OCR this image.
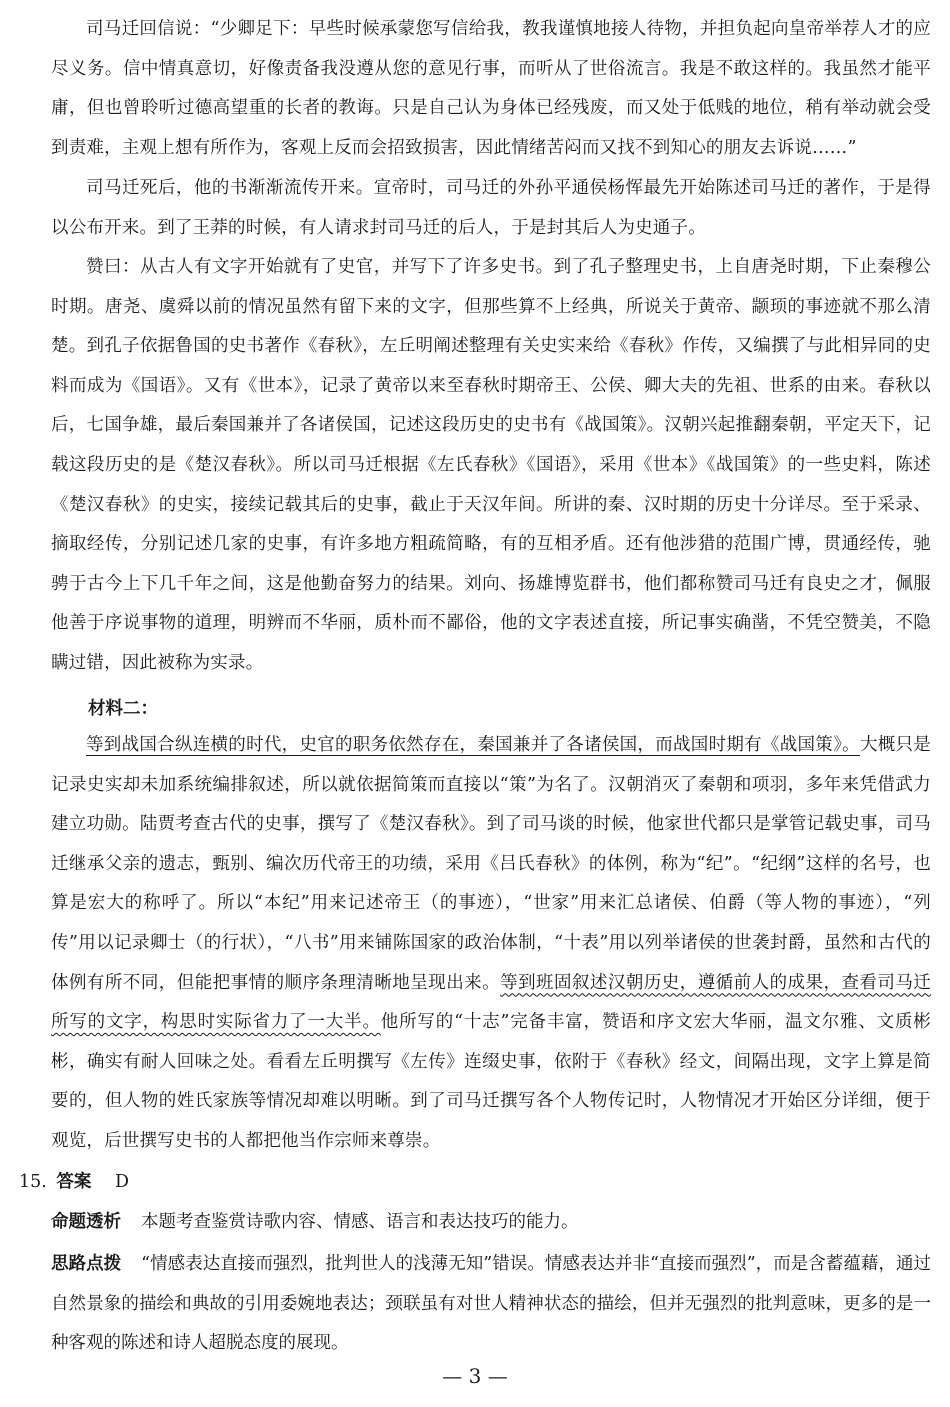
司马迁回信说：“少卿足下：早些时候承蒙您写信给我，教我谨慎地接人待物，并担负起向皇帝举荐人才的应尽义务。信中情真意切，好像责备我没遵从您的意见行事，而听从了世俗流言。我是不敢这样的。我虽然才能平庸，但也曾聆听过德高望重的长者的教诲。只是自己认为身体已经残废，而又处于低贱的地位，稍有举动就会受到责难，主观上想有所作为，客观上反而会招致损害，因此情绪苦闷而又找不到知心的朋友去诉说……”

司马迁死后，他的书渐渐流传开来。宣帝时，司马迁的外孙平通侯杨恽最先开始陈述司马迁的著作，于是得以公布开来。到了王莽的时候，有人请求封司马迁的后人，于是封其后人为史通子。

赞曰：从古人有文字开始就有了史官，并写下了许多史书。到了孔子整理史书，上自唐尧时期，下止秦穆公时期。唐尧、虞舜以前的情况虽然有留下来的文字，但那些算不上经典，所说关于黄帝、颛顼的事迹就不那么清楚。到孔子依据鲁国的史书著作《春秋》，左丘明阐述整理有关史实来给《春秋》作传，又编撰了与此相异同的史料而成为《国语》。又有《世本》，记录了黄帝以来至春秋时期帝王、公侯、卿大夫的先祖、世系的由来。春秋以后，七国争雄，最后秦国兼并了各诸侯国，记述这段历史的史书有《战国策》。汉朝兴起推翻秦朝，平定天下，记载这段历史的是《楚汉春秋》。所以司马迁根据《左氏春秋》《国语》，采用《世本》《战国策》的一些史料，陈述《楚汉春秋》的史实，接续记载其后的史事，截止于天汉年间。所讲的秦、汉时期的历史十分详尽。至于采录、摘取经传，分别记述几家的史事，有许多地方粗疏简略，有的互相矛盾。还有他涉猎的范围广博，贯通经传，驰骋于古今上下几千年之间，这是他勤奋努力的结果。刘向、扬雄博览群书，他们都称赞司马迁有良史之才，佩服他善于序说事物的道理，明辨而不华丽，质朴而不鄙俗，他的文字表述直接，所记事实确凿，不凭空赞美，不隐瞒过错，因此被称为实录。

材料二：

等到战国合纵连横的时代，史官的职务依然存在，秦国兼并了各诸侯国，而战国时期有《战国策》。大概只是记录史实却未加系统编排叙述，所以就依据简策而直接以“策”为名了。汉朝消灭了秦朝和项羽，多年来凭借武力建立功勋。陆贾考查古代的史事，撰写了《楚汉春秋》。到了司马谈的时候，他家世代都只是掌管记载史事，司马迁继承父亲的遗志，甄别、编次历代帝王的功绩，采用《吕氏春秋》的体例，称为“纪”。“纪纲”这样的名号，也算是宏大的称呼了。所以“本纪”用来记述帝王（的事迹），“世家”用来汇总诸侯、伯爵（等人物的事迹），“列传”用以记录卿士（的行状），“八书”用来铺陈国家的政治体制，“十表”用以列举诸侯的世袭封爵，虽然和古代的体例有所不同，但能把事情的顺序条理清晰地呈现出来。等到班固叙述汉朝历史，遵循前人的成果，查看司马迁所写的文字，构思时实际省力了一大半。他所写的“十志”完备丰富，赞语和序文宏大华丽，温文尔雅、文质彬彬，确实有耐人回味之处。看看左丘明撰写《左传》连缀史事，依附于《春秋》经文，间隔出现，文字上算是简要的，但人物的姓氏家族等情况却难以明晰。到了司马迁撰写各个人物传记时，人物情况才开始区分详细，便于观览，后世撰写史书的人都把他当作宗师来尊崇。

15. 答案 D

命题透析 本题考查鉴赏诗歌内容、情感、语言和表达技巧的能力。

思路点拨 “情感表达直接而强烈，批判世人的浅薄无知”错误。情感表达并非“直接而强烈”，而是含蓄蕴藉，通过自然景象的描绘和典故的引用委婉地表达；颈联虽有对世人精神状态的描绘，但并无强烈的批判意味，更多的是一种客观的陈述和诗人超脱态度的展现。

— 3 —
